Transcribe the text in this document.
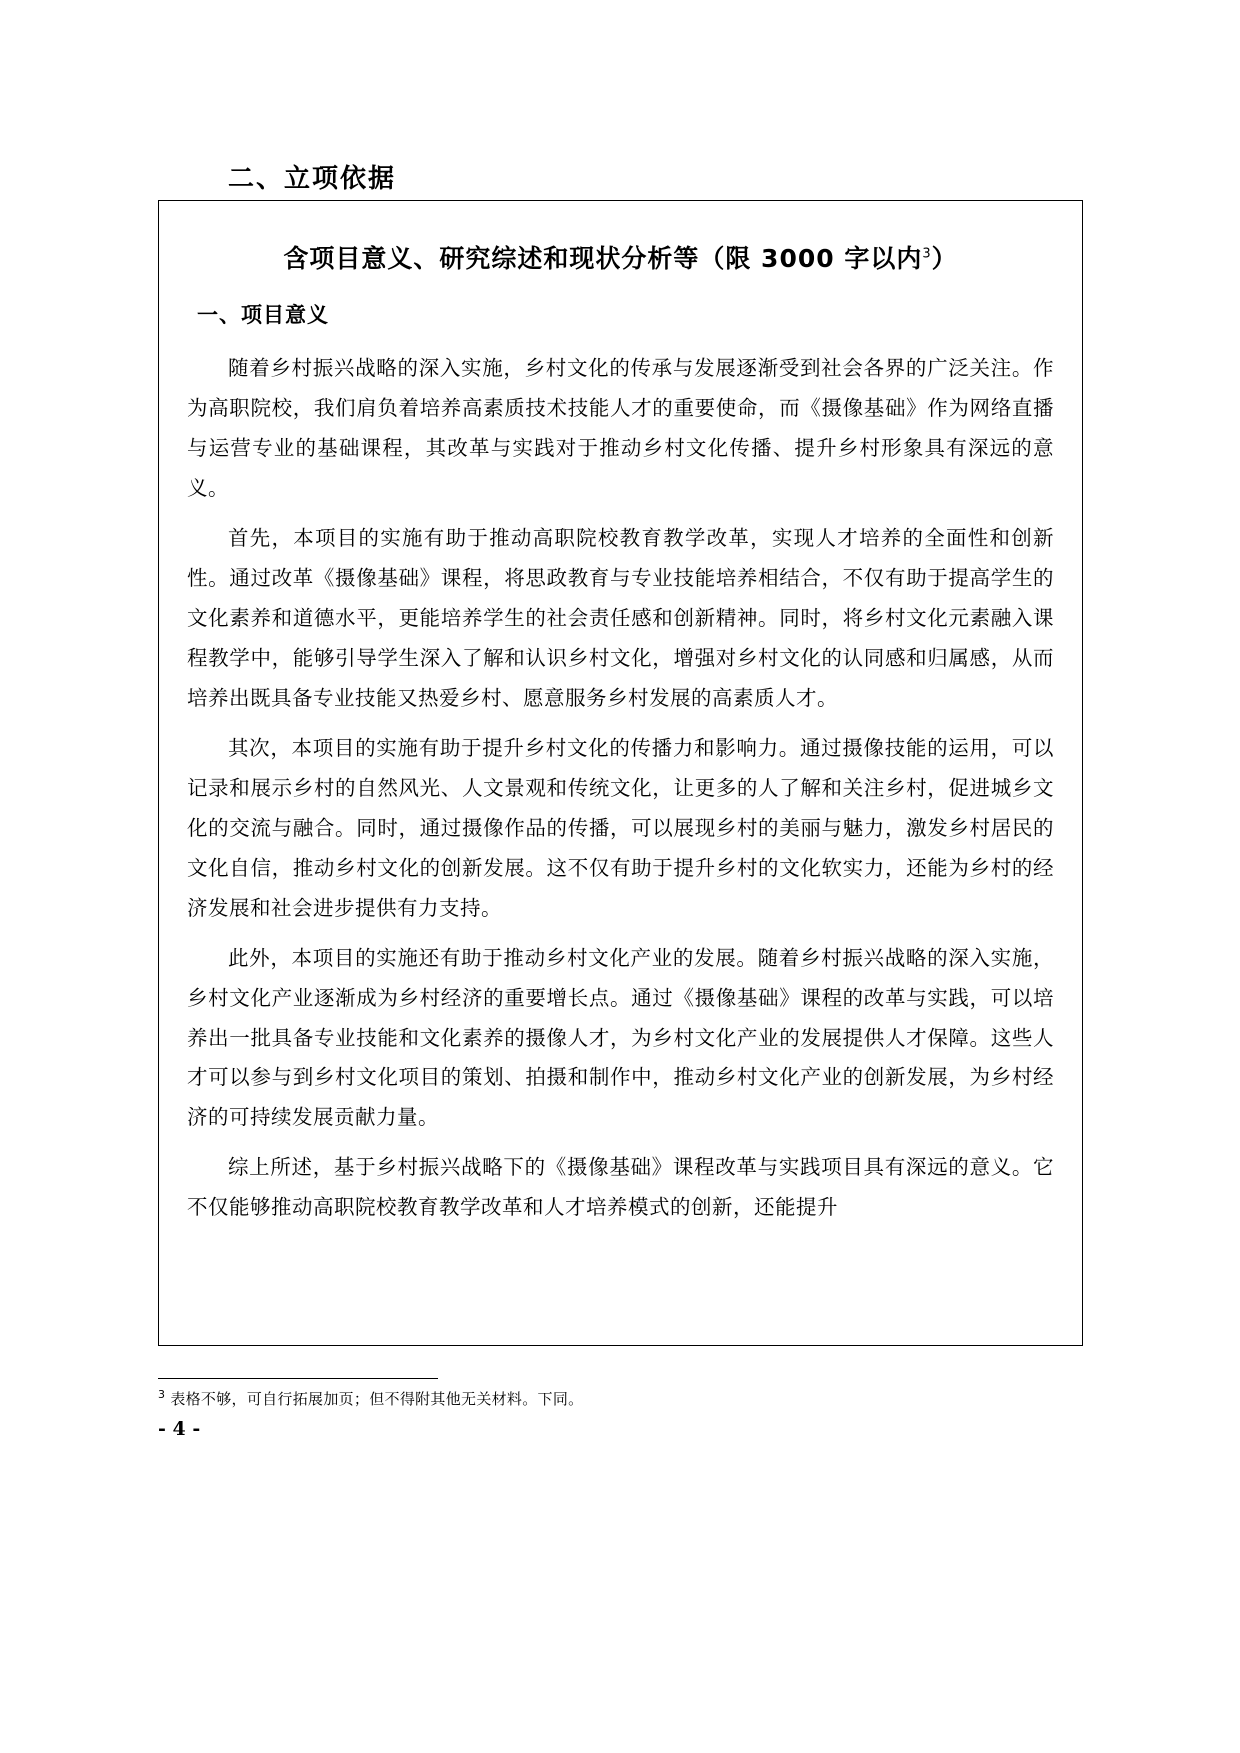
二、立项依据
含项目意义、研究综述和现状分析等（限 3000 字以内$^3$）
一、项目意义

随着乡村振兴战略的深入实施，乡村文化的传承与发展逐渐受到社会各界的广泛关注。作为高职院校，我们肩负着培养高素质技术技能人才的重要使命，而《摄像基础》作为网络直播与运营专业的基础课程，其改革与实践对于推动乡村文化传播、提升乡村形象具有深远的意义。

首先，本项目的实施有助于推动高职院校教育教学改革，实现人才培养的全面性和创新性。通过改革《摄像基础》课程，将思政教育与专业技能培养相结合，不仅有助于提高学生的文化素养和道德水平，更能培养学生的社会责任感和创新精神。同时，将乡村文化元素融入课程教学中，能够引导学生深入了解和认识乡村文化，增强对乡村文化的认同感和归属感，从而培养出既具备专业技能又热爱乡村、愿意服务乡村发展的高素质人才。

其次，本项目的实施有助于提升乡村文化的传播力和影响力。通过摄像技能的运用，可以记录和展示乡村的自然风光、人文景观和传统文化，让更多的人了解和关注乡村，促进城乡文化的交流与融合。同时，通过摄像作品的传播，可以展现乡村的美丽与魅力，激发乡村居民的文化自信，推动乡村文化的创新发展。这不仅有助于提升乡村的文化软实力，还能为乡村的经济发展和社会进步提供有力支持。

此外，本项目的实施还有助于推动乡村文化产业的发展。随着乡村振兴战略的深入实施，乡村文化产业逐渐成为乡村经济的重要增长点。通过《摄像基础》课程的改革与实践，可以培养出一批具备专业技能和文化素养的摄像人才，为乡村文化产业的发展提供人才保障。这些人才可以参与到乡村文化项目的策划、拍摄和制作中，推动乡村文化产业的创新发展，为乡村经济的可持续发展贡献力量。

综上所述，基于乡村振兴战略下的《摄像基础》课程改革与实践项目具有深远的意义。它不仅能够推动高职院校教育教学改革和人才培养模式的创新，还能提升

$^3$ 表格不够，可自行拓展加页；但不得附其他无关材料。下同。
- 4 -
